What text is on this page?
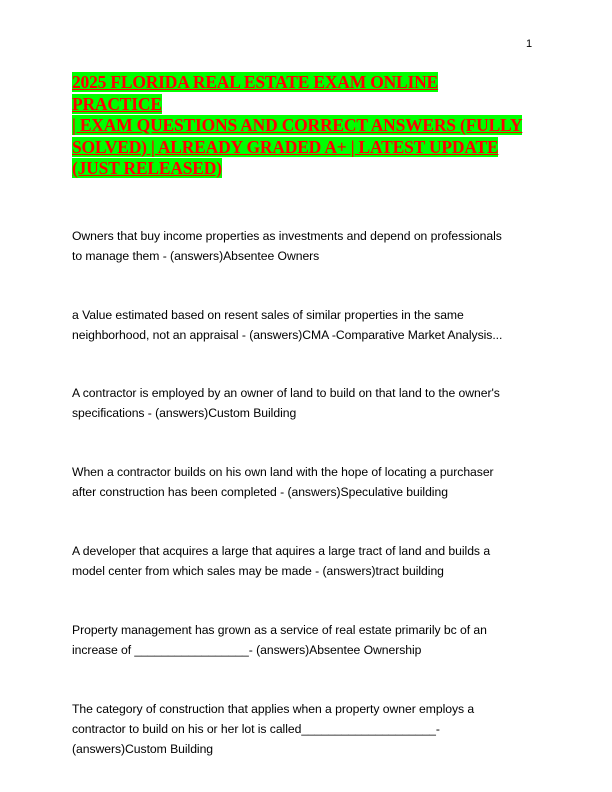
1
2025 FLORIDA REAL ESTATE EXAM ONLINE
PRACTICE
| EXAM QUESTIONS AND CORRECT ANSWERS (FULLY
SOLVED) | ALREADY GRADED A+ | LATEST UPDATE
(JUST RELEASED)

Owners that buy income properties as investments and depend on professionals
to manage them - (answers)Absentee Owners

a Value estimated based on resent sales of similar properties in the same
neighborhood, not an appraisal - (answers)CMA -Comparative Market Analysis...

A contractor is employed by an owner of land to build on that land to the owner's
specifications - (answers)Custom Building

When a contractor builds on his own land with the hope of locating a purchaser
after construction has been completed - (answers)Speculative building

A developer that acquires a large that aquires a large tract of land and builds a
model center from which sales may be made - (answers)tract building

Property management has grown as a service of real estate primarily bc of an
increase of _________________- (answers)Absentee Ownership

The category of construction that applies when a property owner employs a
contractor to build on his or her lot is called____________________-
(answers)Custom Building
